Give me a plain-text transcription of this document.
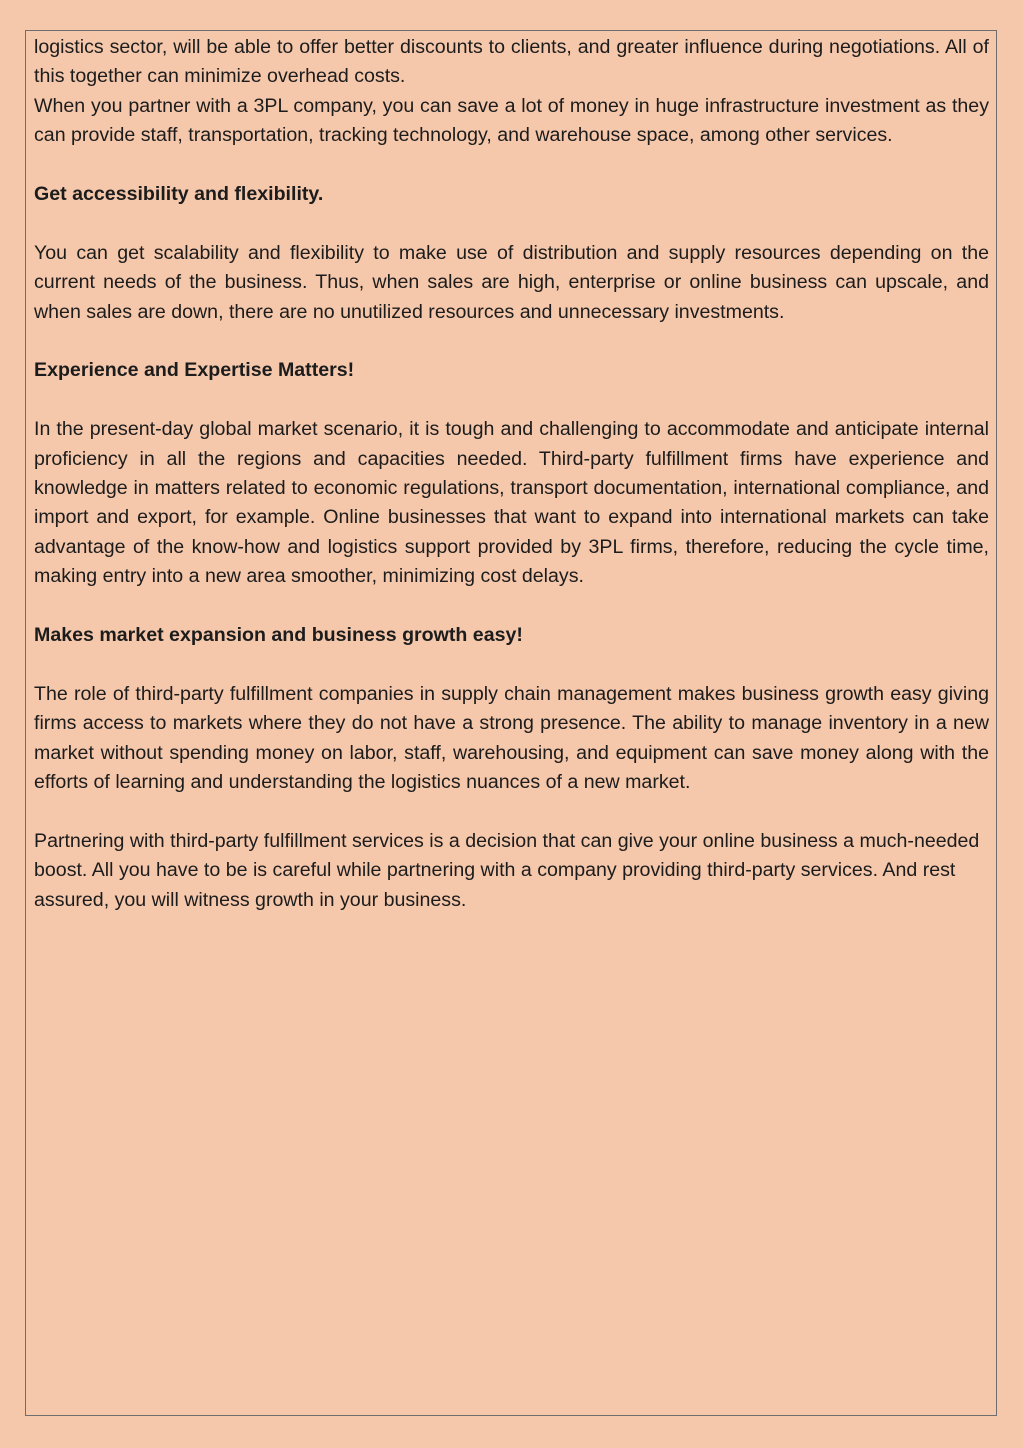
logistics sector, will be able to offer better discounts to clients, and greater influence during negotiations. All of this together can minimize overhead costs.

When you partner with a 3PL company, you can save a lot of money in huge infrastructure investment as they can provide staff, transportation, tracking technology, and warehouse space, among other services.

Get accessibility and flexibility.

You can get scalability and flexibility to make use of distribution and supply resources depending on the current needs of the business. Thus, when sales are high, enterprise or online business can upscale, and when sales are down, there are no unutilized resources and unnecessary investments.

Experience and Expertise Matters!

In the present-day global market scenario, it is tough and challenging to accommodate and anticipate internal proficiency in all the regions and capacities needed. Third-party fulfillment firms have experience and knowledge in matters related to economic regulations, transport documentation, international compliance, and import and export, for example. Online businesses that want to expand into international markets can take advantage of the know-how and logistics support provided by 3PL firms, therefore, reducing the cycle time, making entry into a new area smoother, minimizing cost delays.

Makes market expansion and business growth easy!

The role of third-party fulfillment companies in supply chain management makes business growth easy giving firms access to markets where they do not have a strong presence. The ability to manage inventory in a new market without spending money on labor, staff, warehousing, and equipment can save money along with the efforts of learning and understanding the logistics nuances of a new market.

Partnering with third-party fulfillment services is a decision that can give your online business a much-needed boost. All you have to be is careful while partnering with a company providing third-party services. And rest assured, you will witness growth in your business.
